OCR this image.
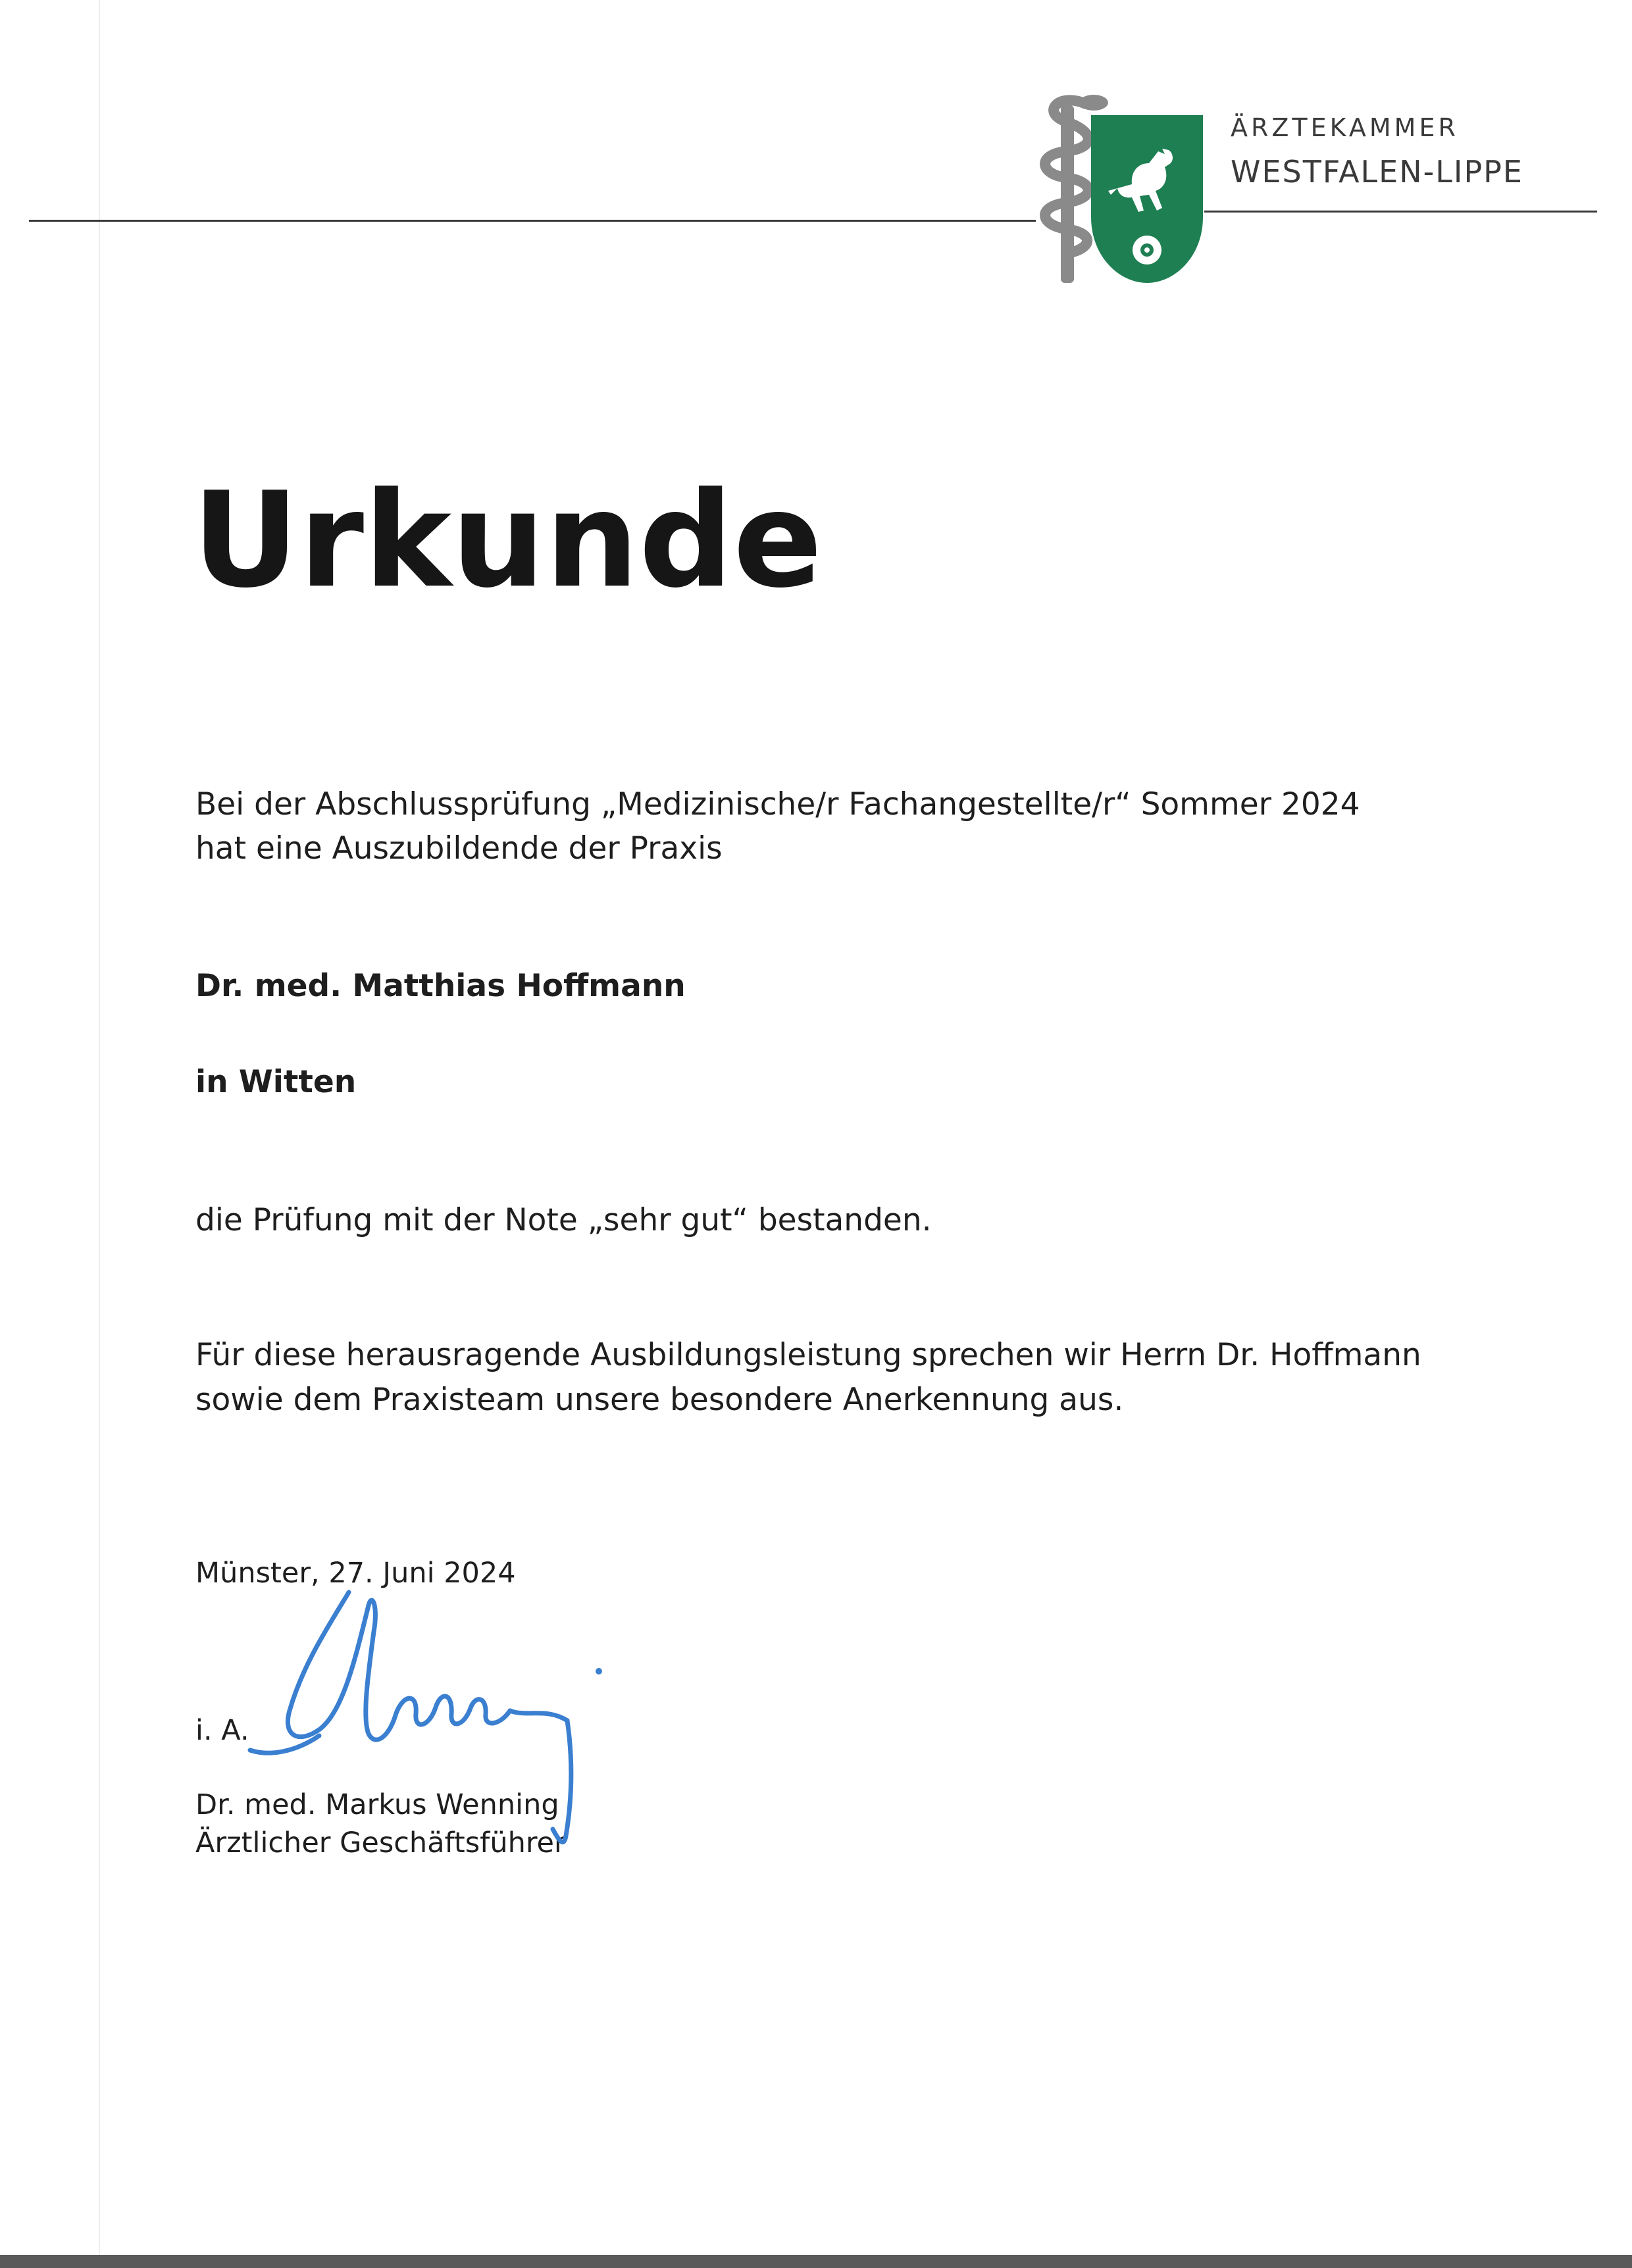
ÄRZTEKAMMER
WESTFALEN-LIPPE
Urkunde
Bei der Abschlussprüfung „Medizinische/r Fachangestellte/r“ Sommer 2024
hat eine Auszubildende der Praxis
Dr. med. Matthias Hoffmann
in Witten
die Prüfung mit der Note „sehr gut“ bestanden.
Für diese herausragende Ausbildungsleistung sprechen wir Herrn Dr. Hoffmann
sowie dem Praxisteam unsere besondere Anerkennung aus.
Münster, 27. Juni 2024
i. A.
Dr. med. Markus Wenning
Ärztlicher Geschäftsführer
